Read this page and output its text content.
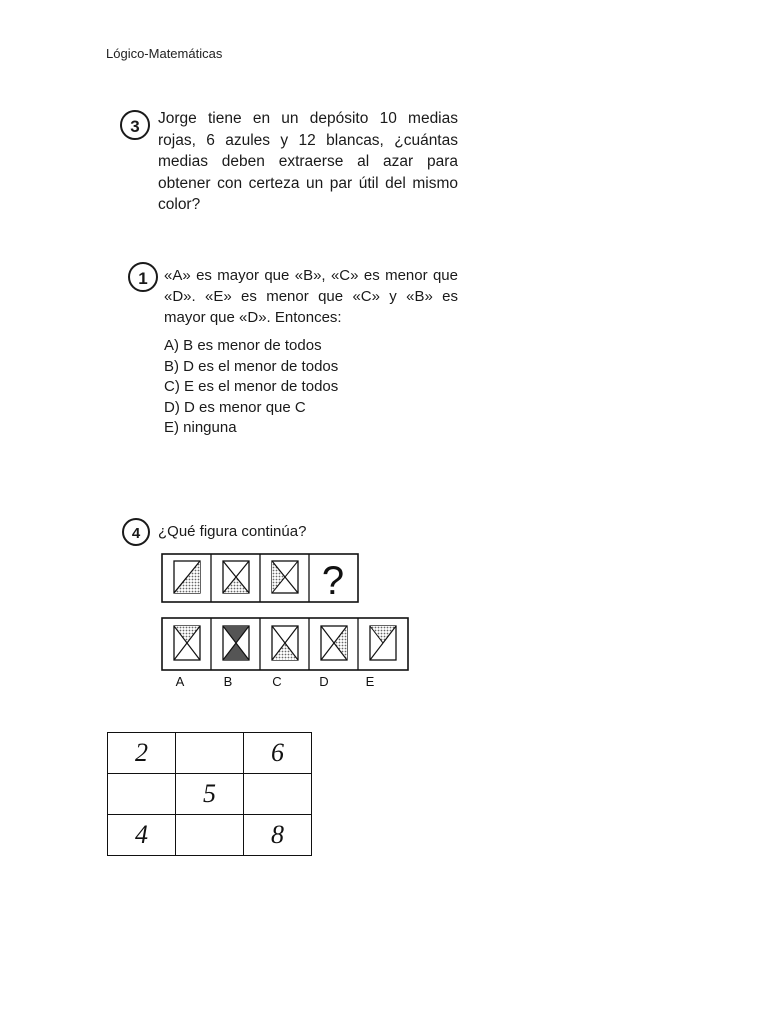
Lógico-Matemáticas
3	Jorge tiene en un depósito 10 medias rojas, 6 azules y 12 blancas, ¿cuántas medias deben extraerse al azar para obtener con certeza un par útil del mismo color?
1	«A» es mayor que «B», «C» es menor que «D». «E» es menor que «C» y «B» es mayor que «D». Entonces:
A) B es menor de todos
B) D es el menor de todos
C) E es el menor de todos
D) D es menor que C
E) ninguna
?
A	B	C	D	E
4	¿Qué figura continúa?
2		6
	5	
4		8
